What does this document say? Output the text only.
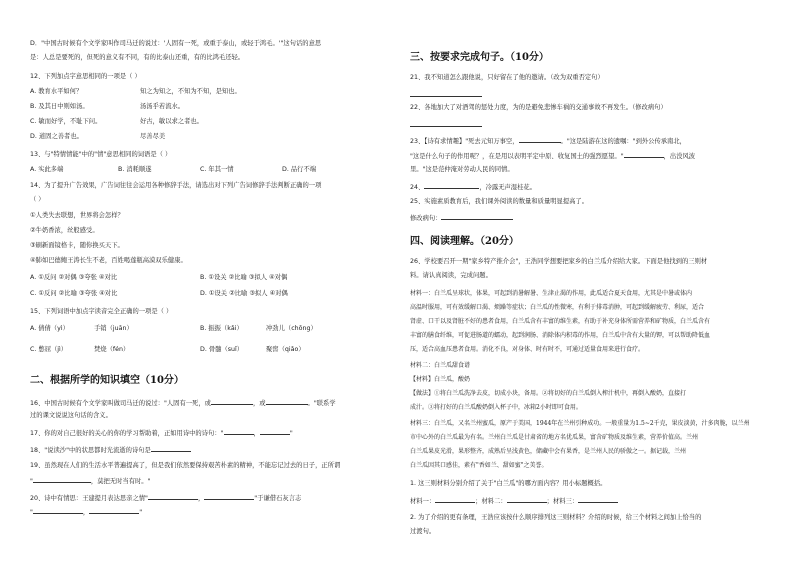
D．"中国古时候有个文学家叫作司马迁的说过：'人固有一死，或重于泰山，或轻于鸿毛。'"这句话的意思
是：人总是要死的，但死的意义有不同，有的比泰山还重，有的比鸿毛还轻。
12、下列加点字意思相同的一项是（ ）
A. 教育水平如何？	知之为知之，不知为不知，是知也。
B. 及其日中则如汤。	汤汤乎若流水。
C. 敏而好学，不耻下问。	好古，敏以求之者也。
D. 道固之善者也。	尽善尽美
13、与"特情情能"中的"情"意思相同的词语是（ ）
A. 实此多端	B. 消耗顺遂	C. 年其一情	D. 品行不端
14、为了提升广告效果，广告词往往会运用各种修辞手法，请选出对下列广告词修辞手法判断正确的一项
（ ）
①人类失去联想，世界将会怎样？
②牛奶香浓，丝般感受。
③刷新面镜格卡，随你换买天下。
④肺如巴德鲍王涛长生不老，百姓喝莲瓶高漠双乐健康。
A. ①反问 ②对偶 ③夸张 ④对比	B. ①设关 ②比喻 ③拟人 ④对偶
C. ①反问 ②比喻 ③夸张 ④对比	D. ①设关 ②比喻 ③拟人 ④对偶
15、下列词语中加点字读音完全正确的一项是（ ）
A. 倩倩（yì）	手销（juān）	B. 振振（kǎi）	冲劲儿（chōng）
C. 憋屈（jì）	焚烧（fén）	D. 骨髓（suǐ）	聚窖（qiǎo）
二、根据所学的知识填空（10分）
16、中国古时候有个文学家叫做司马迁的说过："人固有一死，或	，或	。"联系学
过的课文说说这句话的含义。
17、你的对自己很好的关心的你的学习帮助着，正如用诗中的诗句："	，	"
18、"说读沙"中的状思都时光流逝的诗句是
19、虽然现在人们的生活水平普遍提高了，但是我们依然要保持艰苦朴素的精神，不能忘记过去的日子，正所谓
"	，莫把无时当有时。"
20、诗中有情思：王建提月表达思亲之情"	，	"于谦借石灰言志
"	，	"
三、按要求完成句子。（10分）
21、我不知道怎么跟他说，只好留在了他的邀请。（改为双重否定句）
22、各地加大了对酒驾的惩处力度，为的是避免悲惨车祸的交通事故不再发生。（修改病句）
23、【诗有求情趣】"死去元知万事空，	。"这是陆游在这的遗嘱："到外公传承南北，
"这是什么句子的作用呢？，在是用以表明平定中原、收复国土的强烈愿望。"	，出没风波
里。"这是范仲淹对劳动人民的同情。
24、	，冷露无声湿桂花。
25、实施素质教育后，我们课外阅读的数量和质量明显提高了。
修改病句：
四、阅读理解。（20分）
26、学校要召开一期"家乡特产推介会"，王浩同学想要把家乡的白兰瓜介绍给大家。下面是他找到的三则材
料。请认真阅读，完成问题。
材料一：白兰瓜呈球状，体果，可起到消暑解暑、生津止渴的作用，此瓜适合夏天食用，尤其是中暑或体内
高温时服用，可有效缓解口渴、烦躁等症状；白兰瓜的性微寒，有利于排毒消肿，可起到缓解疲劳、利尿，适合
肾虚、口干以及肾脏不好的患者食用，白兰瓜含有丰富的维生素，有助于补充身体所需营养和矿物质，白兰瓜含有
丰富的膳食纤维，可促进肠道的蠕动，起到润肠、消除体内积毒的作用，白兰瓜中含有大量的钾，可以帮助降低血
压，适合高血压患者食用。消化不良，对身体、时有时不，可通过适量食用来进行食疗。
材料二：白兰瓜甜食谱
【材料】白兰瓜，酸奶
【做法】①将白兰瓜洗净去皮，切成小块，备用。②将切好的白兰瓜倒入榨汁机中，再倒入酸奶，直接打
成汁。③将打好的白兰瓜酸奶倒入杯子中，冰箱2小时即可食用。
材料三：白兰瓜，又名兰州蜜瓜，原产于美国，1944年在兰州引种成功。一般重量为1.5~2千克，果皮淡黄，汁多肉脆，以兰州
市中心外的白兰瓜最为有名。兰州白兰瓜是甘肃省的地方名优瓜果，富含矿物质及维生素，营养价值高。兰州
白兰瓜果皮光滑，果形整齐，成熟后呈浅黄色，储藏中会有果香，是兰州人民的骄傲之一。据记载，兰州
白兰瓜因其口感佳，素有"香如兰、甜如蜜"之美誉。
1. 这三则材料分别介绍了关于"白兰瓜"的哪方面内容？用小标题概括。
材料一：	；材料二：	；材料三：
2. 为了介绍的更有条理，王浩应该按什么顺序排列这三则材料？介绍的时候，给三个材料之间加上恰当的
过渡句。
